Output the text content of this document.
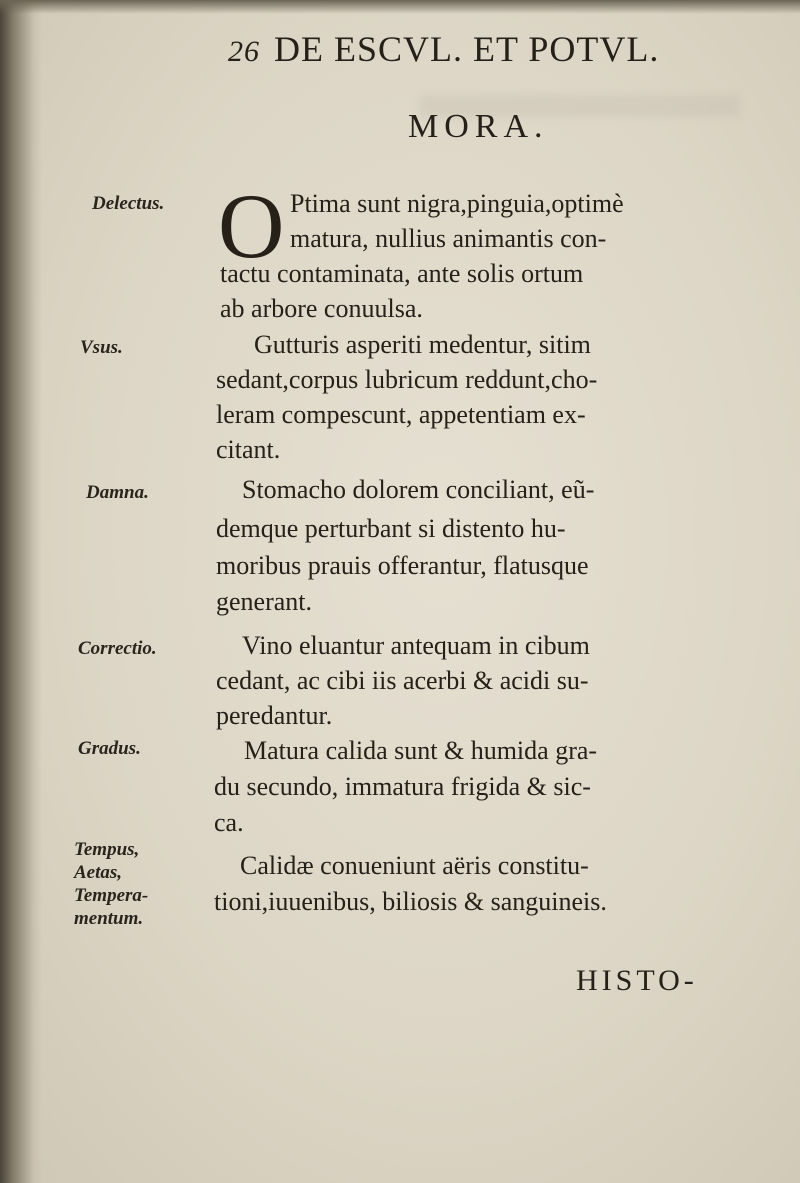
26 DE ESCVL. ET POTVL.
MORA.
O
Delectus.
Vsus.
Damna.
Correctio.
Gradus.
Tempus,
Aetas,
Tempera-
mentum.
Ptima sunt nigra,pinguia,optimè
matura, nullius animantis con-
tactu contaminata, ante solis ortum
ab arbore conuulsa.
Gutturis asperiti medentur, sitim
sedant,corpus lubricum reddunt,cho-
leram compescunt, appetentiam ex-
citant.
Stomacho dolorem conciliant, eũ-
demque perturbant si distento hu-
moribus prauis offerantur, flatusque
generant.
Vino eluantur antequam in cibum
cedant, ac cibi iis acerbi & acidi su-
peredantur.
Matura calida sunt & humida gra-
du secundo, immatura frigida & sic-
ca.
Calidæ conueniunt aëris constitu-
tioni,iuuenibus, biliosis & sanguineis.
HISTO-
